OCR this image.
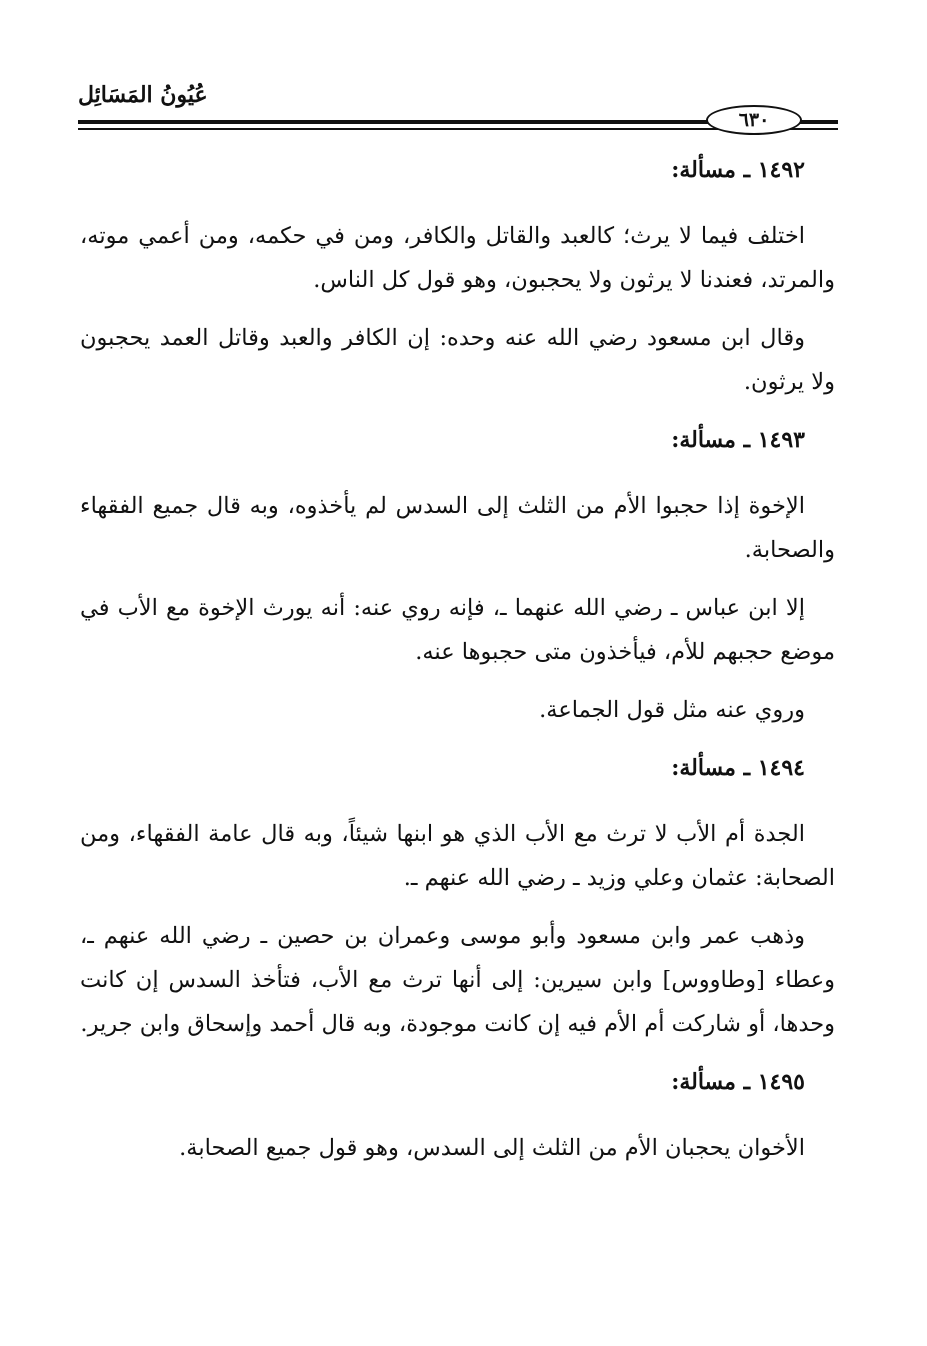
عُيُونُ المَسَائِل
٦٣٠
١٤٩٢ ـ مسألة:

اختلف فيما لا يرث؛ كالعبد والقاتل والكافر، ومن في حكمه، ومن أعمي موته، والمرتد، فعندنا لا يرثون ولا يحجبون، وهو قول كل الناس.

وقال ابن مسعود رضي الله عنه وحده: إن الكافر والعبد وقاتل العمد يحجبون ولا يرثون.

١٤٩٣ ـ مسألة:

الإخوة إذا حجبوا الأم من الثلث إلى السدس لم يأخذوه، وبه قال جميع الفقهاء والصحابة.

إلا ابن عباس ـ رضي الله عنهما ـ، فإنه روي عنه: أنه يورث الإخوة مع الأب في موضع حجبهم للأم، فيأخذون متى حجبوها عنه.

وروي عنه مثل قول الجماعة.

١٤٩٤ ـ مسألة:

الجدة أم الأب لا ترث مع الأب الذي هو ابنها شيئاً، وبه قال عامة الفقهاء، ومن الصحابة: عثمان وعلي وزيد ـ رضي الله عنهم ـ.

وذهب عمر وابن مسعود وأبو موسى وعمران بن حصين ـ رضي الله عنهم ـ، وعطاء [وطاووس] وابن سيرين: إلى أنها ترث مع الأب، فتأخذ السدس إن كانت وحدها، أو شاركت أم الأم فيه إن كانت موجودة، وبه قال أحمد وإسحاق وابن جرير.

١٤٩٥ ـ مسألة:

الأخوان يحجبان الأم من الثلث إلى السدس، وهو قول جميع الصحابة.
